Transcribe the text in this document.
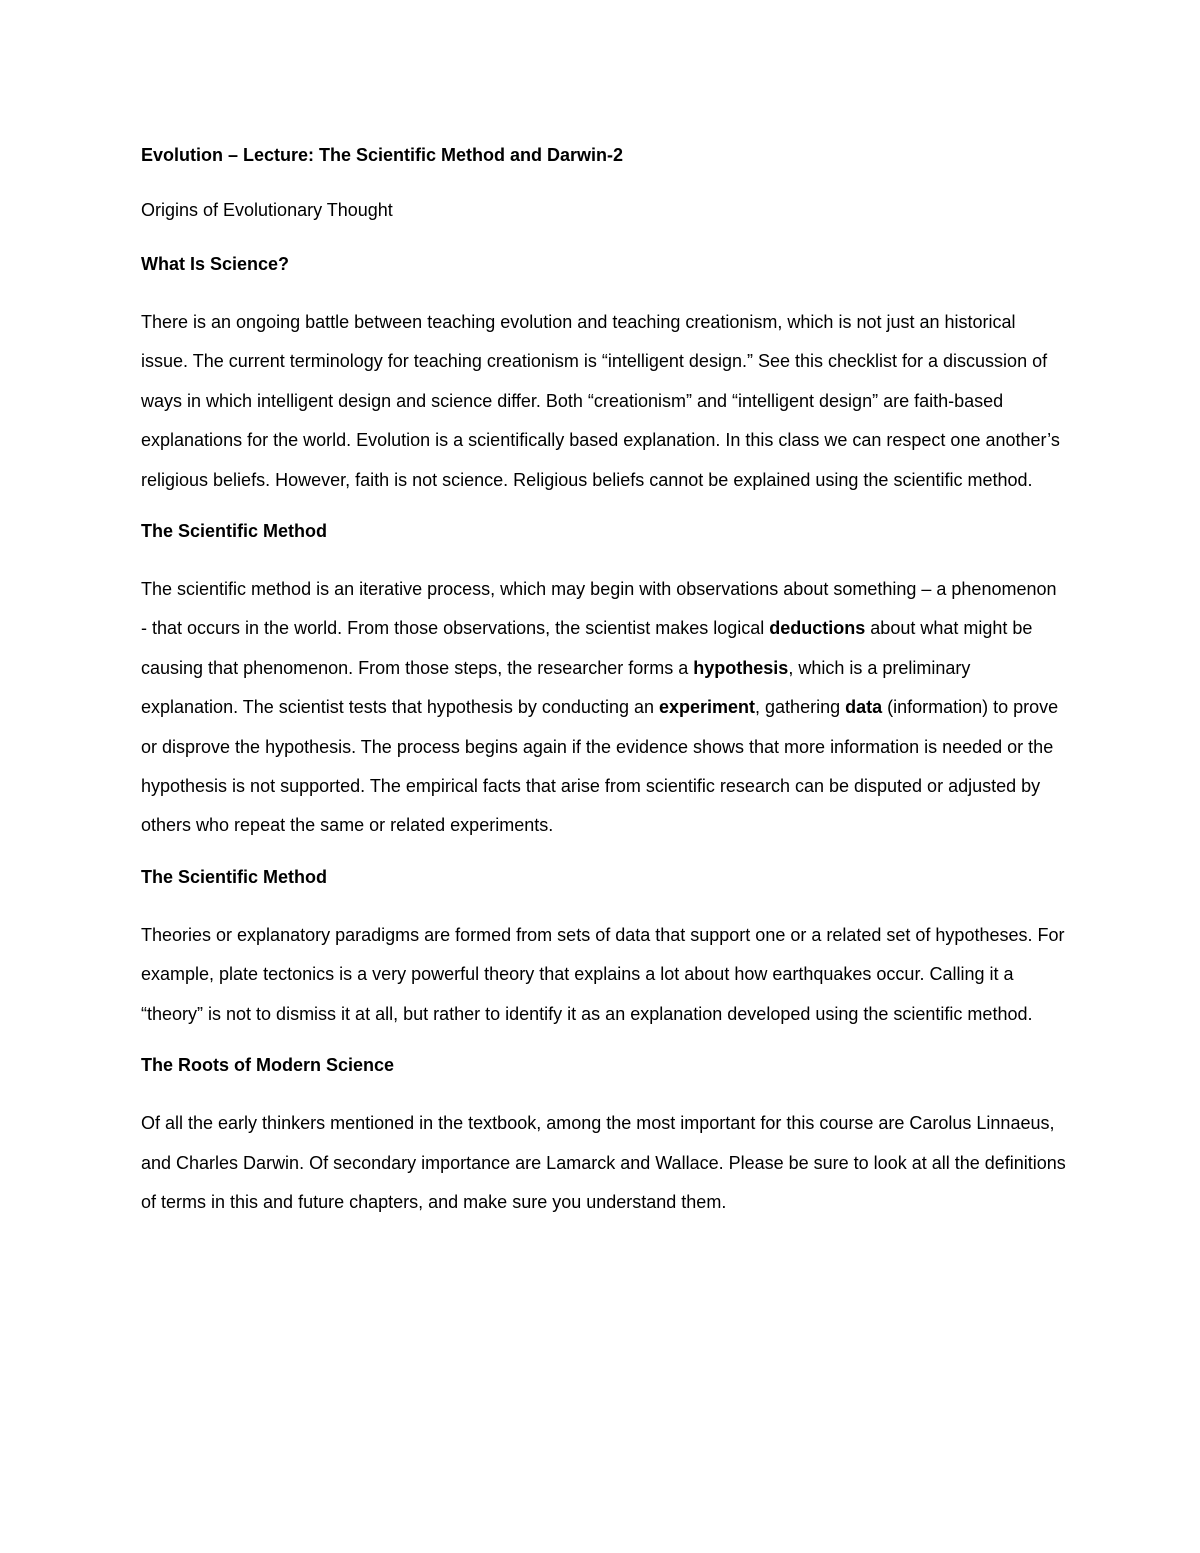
Evolution – Lecture: The Scientific Method and Darwin-2

Origins of Evolutionary Thought

What Is Science?

There is an ongoing battle between teaching evolution and teaching creationism, which is not just an historical issue. The current terminology for teaching creationism is “intelligent design.” See this checklist for a discussion of ways in which intelligent design and science differ. Both “creationism” and “intelligent design” are faith-based explanations for the world. Evolution is a scientifically based explanation. In this class we can respect one another’s religious beliefs. However, faith is not science. Religious beliefs cannot be explained using the scientific method.

The Scientific Method

The scientific method is an iterative process, which may begin with observations about something – a phenomenon - that occurs in the world. From those observations, the scientist makes logical deductions about what might be causing that phenomenon. From those steps, the researcher forms a hypothesis, which is a preliminary explanation. The scientist tests that hypothesis by conducting an experiment, gathering data (information) to prove or disprove the hypothesis. The process begins again if the evidence shows that more information is needed or the hypothesis is not supported. The empirical facts that arise from scientific research can be disputed or adjusted by others who repeat the same or related experiments.

The Scientific Method

Theories or explanatory paradigms are formed from sets of data that support one or a related set of hypotheses. For example, plate tectonics is a very powerful theory that explains a lot about how earthquakes occur. Calling it a “theory” is not to dismiss it at all, but rather to identify it as an explanation developed using the scientific method.

The Roots of Modern Science

Of all the early thinkers mentioned in the textbook, among the most important for this course are Carolus Linnaeus, and Charles Darwin. Of secondary importance are Lamarck and Wallace. Please be sure to look at all the definitions of terms in this and future chapters, and make sure you understand them.
